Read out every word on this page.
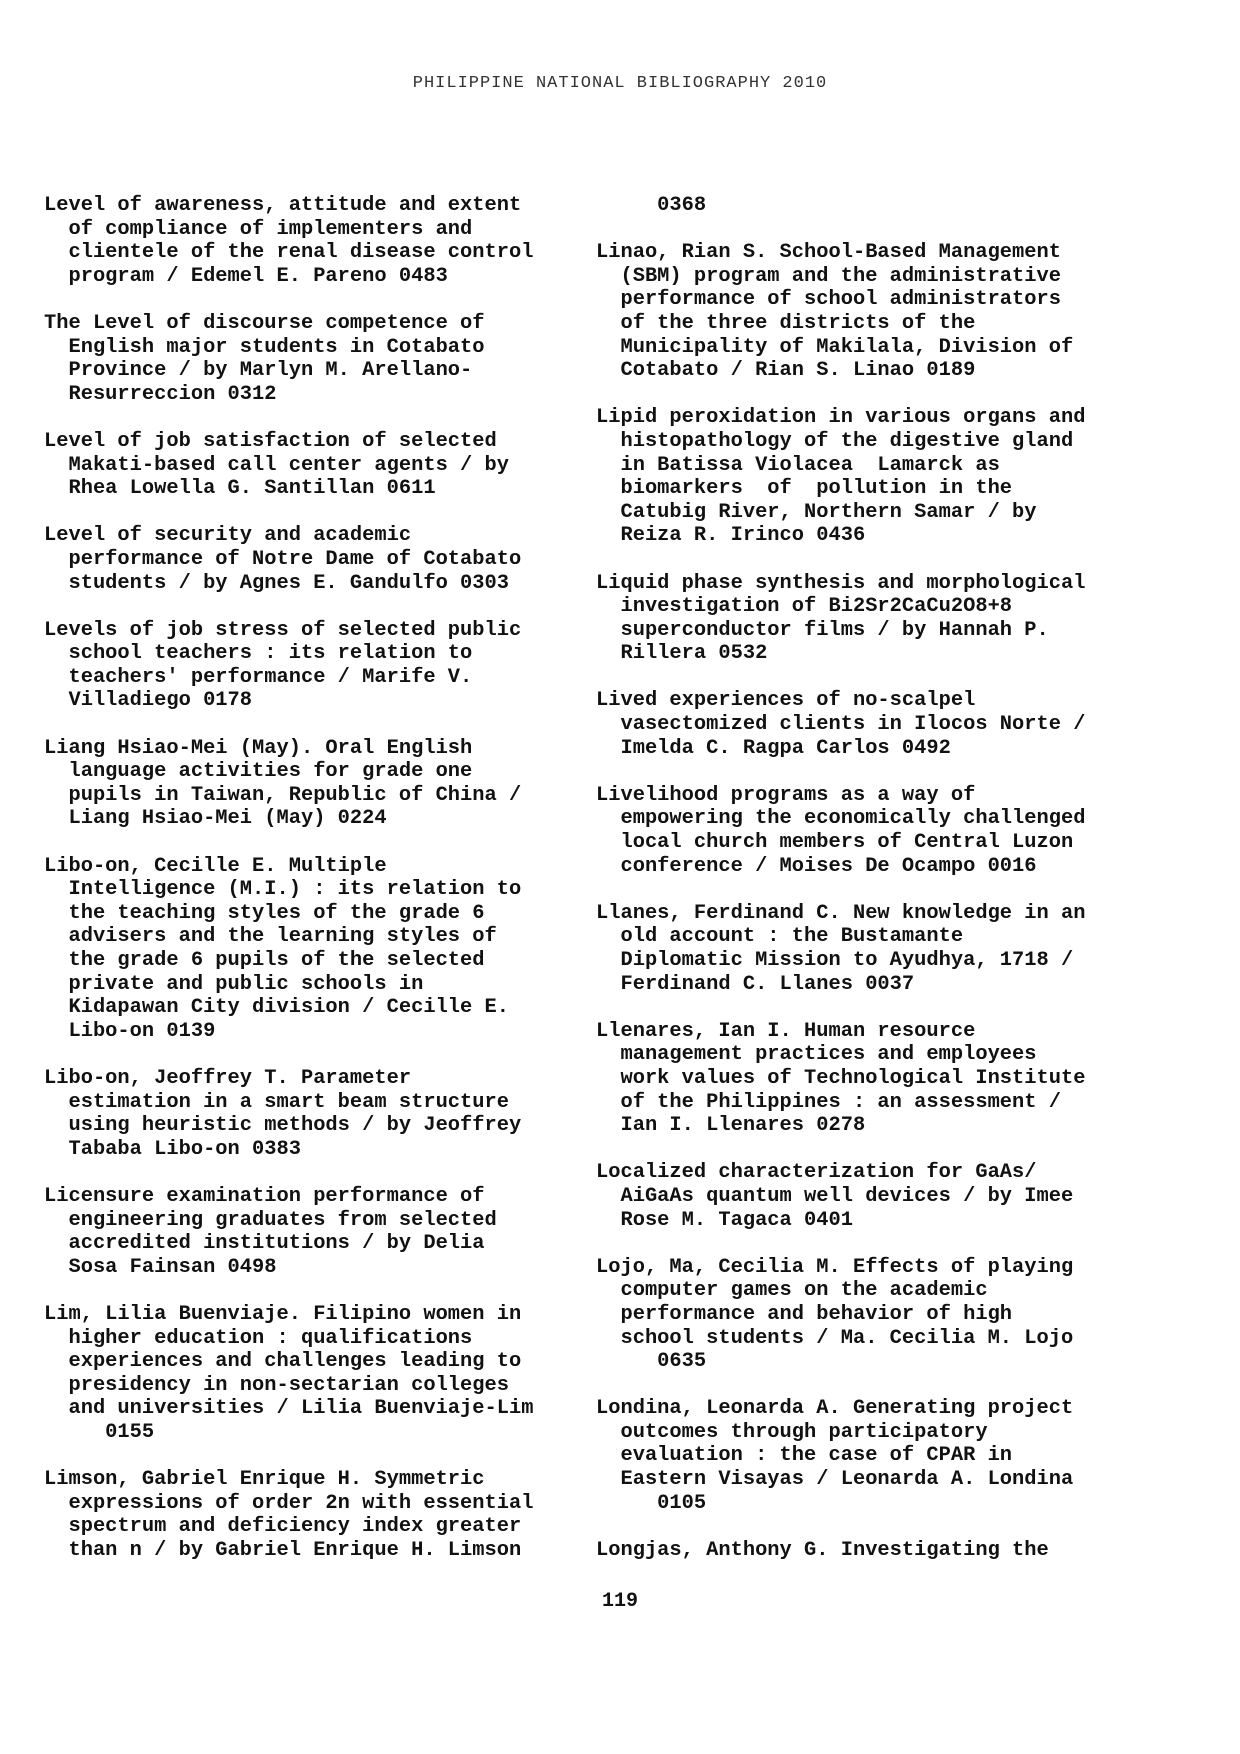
PHILIPPINE NATIONAL BIBLIOGRAPHY 2010

Level of awareness, attitude and extent
of compliance of implementers and
clientele of the renal disease control
program / Edemel E. Pareno 0483

The Level of discourse competence of
English major students in Cotabato
Province / by Marlyn M. Arellano-
Resurreccion 0312

Level of job satisfaction of selected
Makati-based call center agents / by
Rhea Lowella G. Santillan 0611

Level of security and academic
performance of Notre Dame of Cotabato
students / by Agnes E. Gandulfo 0303

Levels of job stress of selected public
school teachers : its relation to
teachers' performance / Marife V.
Villadiego 0178

Liang Hsiao-Mei (May). Oral English
language activities for grade one
pupils in Taiwan, Republic of China /
Liang Hsiao-Mei (May) 0224

Libo-on, Cecille E. Multiple
Intelligence (M.I.) : its relation to
the teaching styles of the grade 6
advisers and the learning styles of
the grade 6 pupils of the selected
private and public schools in
Kidapawan City division / Cecille E.
Libo-on 0139

Libo-on, Jeoffrey T. Parameter
estimation in a smart beam structure
using heuristic methods / by Jeoffrey
Tababa Libo-on 0383

Licensure examination performance of
engineering graduates from selected
accredited institutions / by Delia
Sosa Fainsan 0498

Lim, Lilia Buenviaje. Filipino women in
higher education : qualifications
experiences and challenges leading to
presidency in non-sectarian colleges
and universities / Lilia Buenviaje-Lim
0155

Limson, Gabriel Enrique H. Symmetric
expressions of order 2n with essential
spectrum and deficiency index greater
than n / by Gabriel Enrique H. Limson

0368

Linao, Rian S. School-Based Management
(SBM) program and the administrative
performance of school administrators
of the three districts of the
Municipality of Makilala, Division of
Cotabato / Rian S. Linao 0189

Lipid peroxidation in various organs and
histopathology of the digestive gland
in Batissa Violacea  Lamarck as
biomarkers  of  pollution in the
Catubig River, Northern Samar / by
Reiza R. Irinco 0436

Liquid phase synthesis and morphological
investigation of Bi2Sr2CaCu2O8+8
superconductor films / by Hannah P.
Rillera 0532

Lived experiences of no-scalpel
vasectomized clients in Ilocos Norte /
Imelda C. Ragpa Carlos 0492

Livelihood programs as a way of
empowering the economically challenged
local church members of Central Luzon
conference / Moises De Ocampo 0016

Llanes, Ferdinand C. New knowledge in an
old account : the Bustamante
Diplomatic Mission to Ayudhya, 1718 /
Ferdinand C. Llanes 0037

Llenares, Ian I. Human resource
management practices and employees
work values of Technological Institute
of the Philippines : an assessment /
Ian I. Llenares 0278

Localized characterization for GaAs/
AiGaAs quantum well devices / by Imee
Rose M. Tagaca 0401

Lojo, Ma, Cecilia M. Effects of playing
computer games on the academic
performance and behavior of high
school students / Ma. Cecilia M. Lojo
0635

Londina, Leonarda A. Generating project
outcomes through participatory
evaluation : the case of CPAR in
Eastern Visayas / Leonarda A. Londina
0105

Longjas, Anthony G. Investigating the

119
